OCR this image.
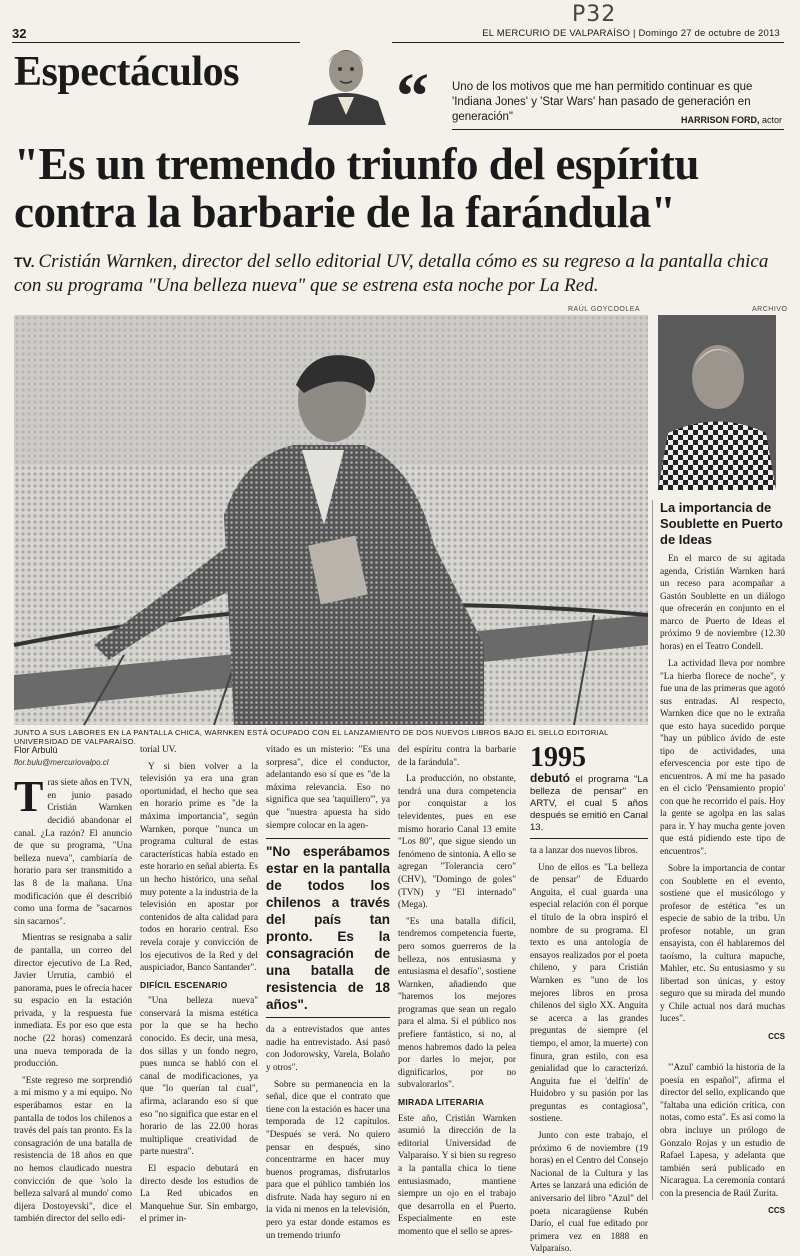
P32
32	EL MERCURIO DE VALPARAÍSO | Domingo 27 de octubre de 2013
Espectáculos “ Uno de los motivos que me han permitido continuar es que 'Indiana Jones' y 'Star Wars' han pasado de generación en generación"	HARRISON FORD, actor
"Es un tremendo triunfo del espíritu contra la barbarie de la farándula"
TV. Cristián Warnken, director del sello editorial UV, detalla cómo es su regreso a la pantalla chica con su programa "Una belleza nueva" que se estrena esta noche por La Red.
RAÚL GOYCOOLEA	ARCHIVO
JUNTO A SUS LABORES EN LA PANTALLA CHICA, WARNKEN ESTÁ OCUPADO CON EL LANZAMIENTO DE DOS NUEVOS LIBROS BAJO EL SELLO EDITORIAL UNIVERSIDAD DE VALPARAÍSO.
La importancia de Soublette en Puerto de Ideas

En el marco de su agitada agenda, Cristián Warnken hará un receso para acompañar a Gastón Soublette en un diálogo que ofrecerán en conjunto en el marco de Puerto de Ideas el próximo 9 de noviembre (12.30 horas) en el Teatro Condell.

La actividad lleva por nombre "La hierba florece de noche", y fue una de las primeras que agotó sus entradas. Al respecto, Warnken dice que no le extraña que esto haya sucedido porque "hay un público ávido de este tipo de actividades, una efervescencia por este tipo de encuentros. A mí me ha pasado en el ciclo 'Pensamiento propio' con que he recorrido el país. Hoy la gente se agolpa en las salas para ir. Y hay mucha gente joven que está pidiendo este tipo de encuentros".

Sobre la importancia de contar con Soublette en el evento, sostiene que el musicólogo y profesor de estética "es un especie de sabio de la tribu. Un profesor notable, un gran ensayista, con él hablaremos del taoísmo, la cultura mapuche, Mahler, etc. Su entusiasmo y su libertad son únicas, y estoy seguro que su mirada del mundo y Chile actual nos dará muchas luces".

CCS
Flor Arbulú
flor.bulu@mercuriovalpo.cl

Tras siete años en TVN, en junio pasado Cristián Warnken decidió abandonar el canal. ¿La razón? El anuncio de que su programa, "Una belleza nueva", cambiaría de horario para ser transmitido a las 8 de la mañana. Una modificación que él describió como una forma de "sacarnos sin sacarnos".

Mientras se resignaba a salir de pantalla, un correo del director ejecutivo de La Red, Javier Urrutia, cambió el panorama, pues le ofrecía hacer su espacio en la estación privada, y la respuesta fue inmediata. Es por eso que esta noche (22 horas) comenzará una nueva temporada de la producción.

"Este regreso me sorprendió a mí mismo y a mi equipo. No esperábamos estar en la pantalla de todos los chilenos a través del país tan pronto. Es la consagración de una batalla de resistencia de 18 años en que no hemos claudicado nuestra convicción de que 'solo la belleza salvará al mundo' como dijera Dostoyevski", dice el también director del sello edi-

torial UV.

Y si bien volver a la televisión ya era una gran oportunidad, el hecho que sea en horario prime es "de la máxima importancia", según Warnken, porque "nunca un programa cultural de estas características había estado en este horario en señal abierta. Es un hecho histórico, una señal muy potente a la industria de la televisión en apostar por contenidos de alta calidad para todos en horario central. Eso revela coraje y convicción de los ejecutivos de la Red y del auspiciador, Banco Santander".

DIFÍCIL ESCENARIO

"Una belleza nueva" conservará la misma estética por la que se ha hecho conocido. Es decir, una mesa, dos sillas y un fondo negro, pues nunca se habló con el canal de modificaciones, ya que "lo querían tal cual", afirma, aclarando eso sí que eso "no significa que estar en el horario de las 22.00 horas multiplique creatividad de parte nuestra".

El espacio debutará en directo desde los estudios de La Red ubicados en Manquehue Sur. Sin embargo, el primer in-

vitado es un misterio: "Es una sorpresa", dice el conductor, adelantando eso sí que es "de la máxima relevancia. Eso no significa que sea 'taquillero'", ya que "nuestra apuesta ha sido siempre colocar en la agen-

"No esperábamos estar en la pantalla de todos los chilenos a través del país tan pronto. Es la consagración de una batalla de resistencia de 18 años".

da a entrevistados que antes nadie ha entrevistado. Así pasó con Jodorowsky, Varela, Bolaño y otros".

Sobre su permanencia en la señal, dice que el contrato que tiene con la estación es hacer una temporada de 12 capítulos. "Después se verá. No quiero pensar en después, sino concentrarme en hacer muy buenos programas, disfrutarlos para que el público también los disfrute. Nada hay seguro ni en la vida ni menos en la televisión, pero ya estar donde estamos es un tremendo triunfo

del espíritu contra la barbarie de la farándula".

La producción, no obstante, tendrá una dura competencia por conquistar a los televidentes, pues en ese mismo horario Canal 13 emite "Los 80", que sigue siendo un fenómeno de sintonía. A ello se agregan "Tolerancia cero" (CHV), "Domingo de goles" (TVN) y "El internado" (Mega).

"Es una batalla difícil, tendremos competencia fuerte, pero somos guerreros de la belleza, nos entusiasma y entusiasma el desafío", sostiene Warnken, añadiendo que "haremos los mejores programas que sean un regalo para el alma. Si el público nos prefiere fantástico, si no, al menos habremos dado la pelea por darles lo mejor, por dignificarlos, por no subvalorarlos".

MIRADA LITERARIA

Este año, Cristián Warnken asumió la dirección de la editorial Universidad de Valparaíso. Y si bien su regreso a la pantalla chica lo tiene entusiasmado, mantiene siempre un ojo en el trabajo que desarrolla en el Puerto. Especialmente en este momento que el sello se apres-

1995
debutó el programa "La belleza de pensar" en ARTV, el cual 5 años después se emitió en Canal 13.

ta a lanzar dos nuevos libros.

Uno de ellos es "La belleza de pensar" de Eduardo Anguita, el cual guarda una especial relación con él porque el título de la obra inspiró el nombre de su programa. El texto es una antología de ensayos realizados por el poeta chileno, y para Cristián Warnken es "uno de los mejores libros en prosa chilenos del siglo XX. Anguita se acerca a las grandes preguntas de siempre (el tiempo, el amor, la muerte) con finura, gran estilo, con esa genialidad que lo caracterizó. Anguita fue el 'delfín' de Huidobro y su pasión por las preguntas es contagiosa", sostiene.

Junto con este trabajo, el próximo 6 de noviembre (19 horas) en el Centro del Consejo Nacional de la Cultura y las Artes se lanzará una edición de aniversario del libro "Azul" del poeta nicaragüense Rubén Darío, el cual fue editado por primera vez en 1888 en Valparaíso.

"'Azul' cambió la historia de la poesía en español", afirma el director del sello, explicando que "faltaba una edición crítica, con notas, como esta". Es así como la obra incluye un prólogo de Gonzalo Rojas y un estudio de Rafael Lapesa, y adelanta que también será publicado en Nicaragua. La ceremonia contará con la presencia de Raúl Zurita.

CCS
